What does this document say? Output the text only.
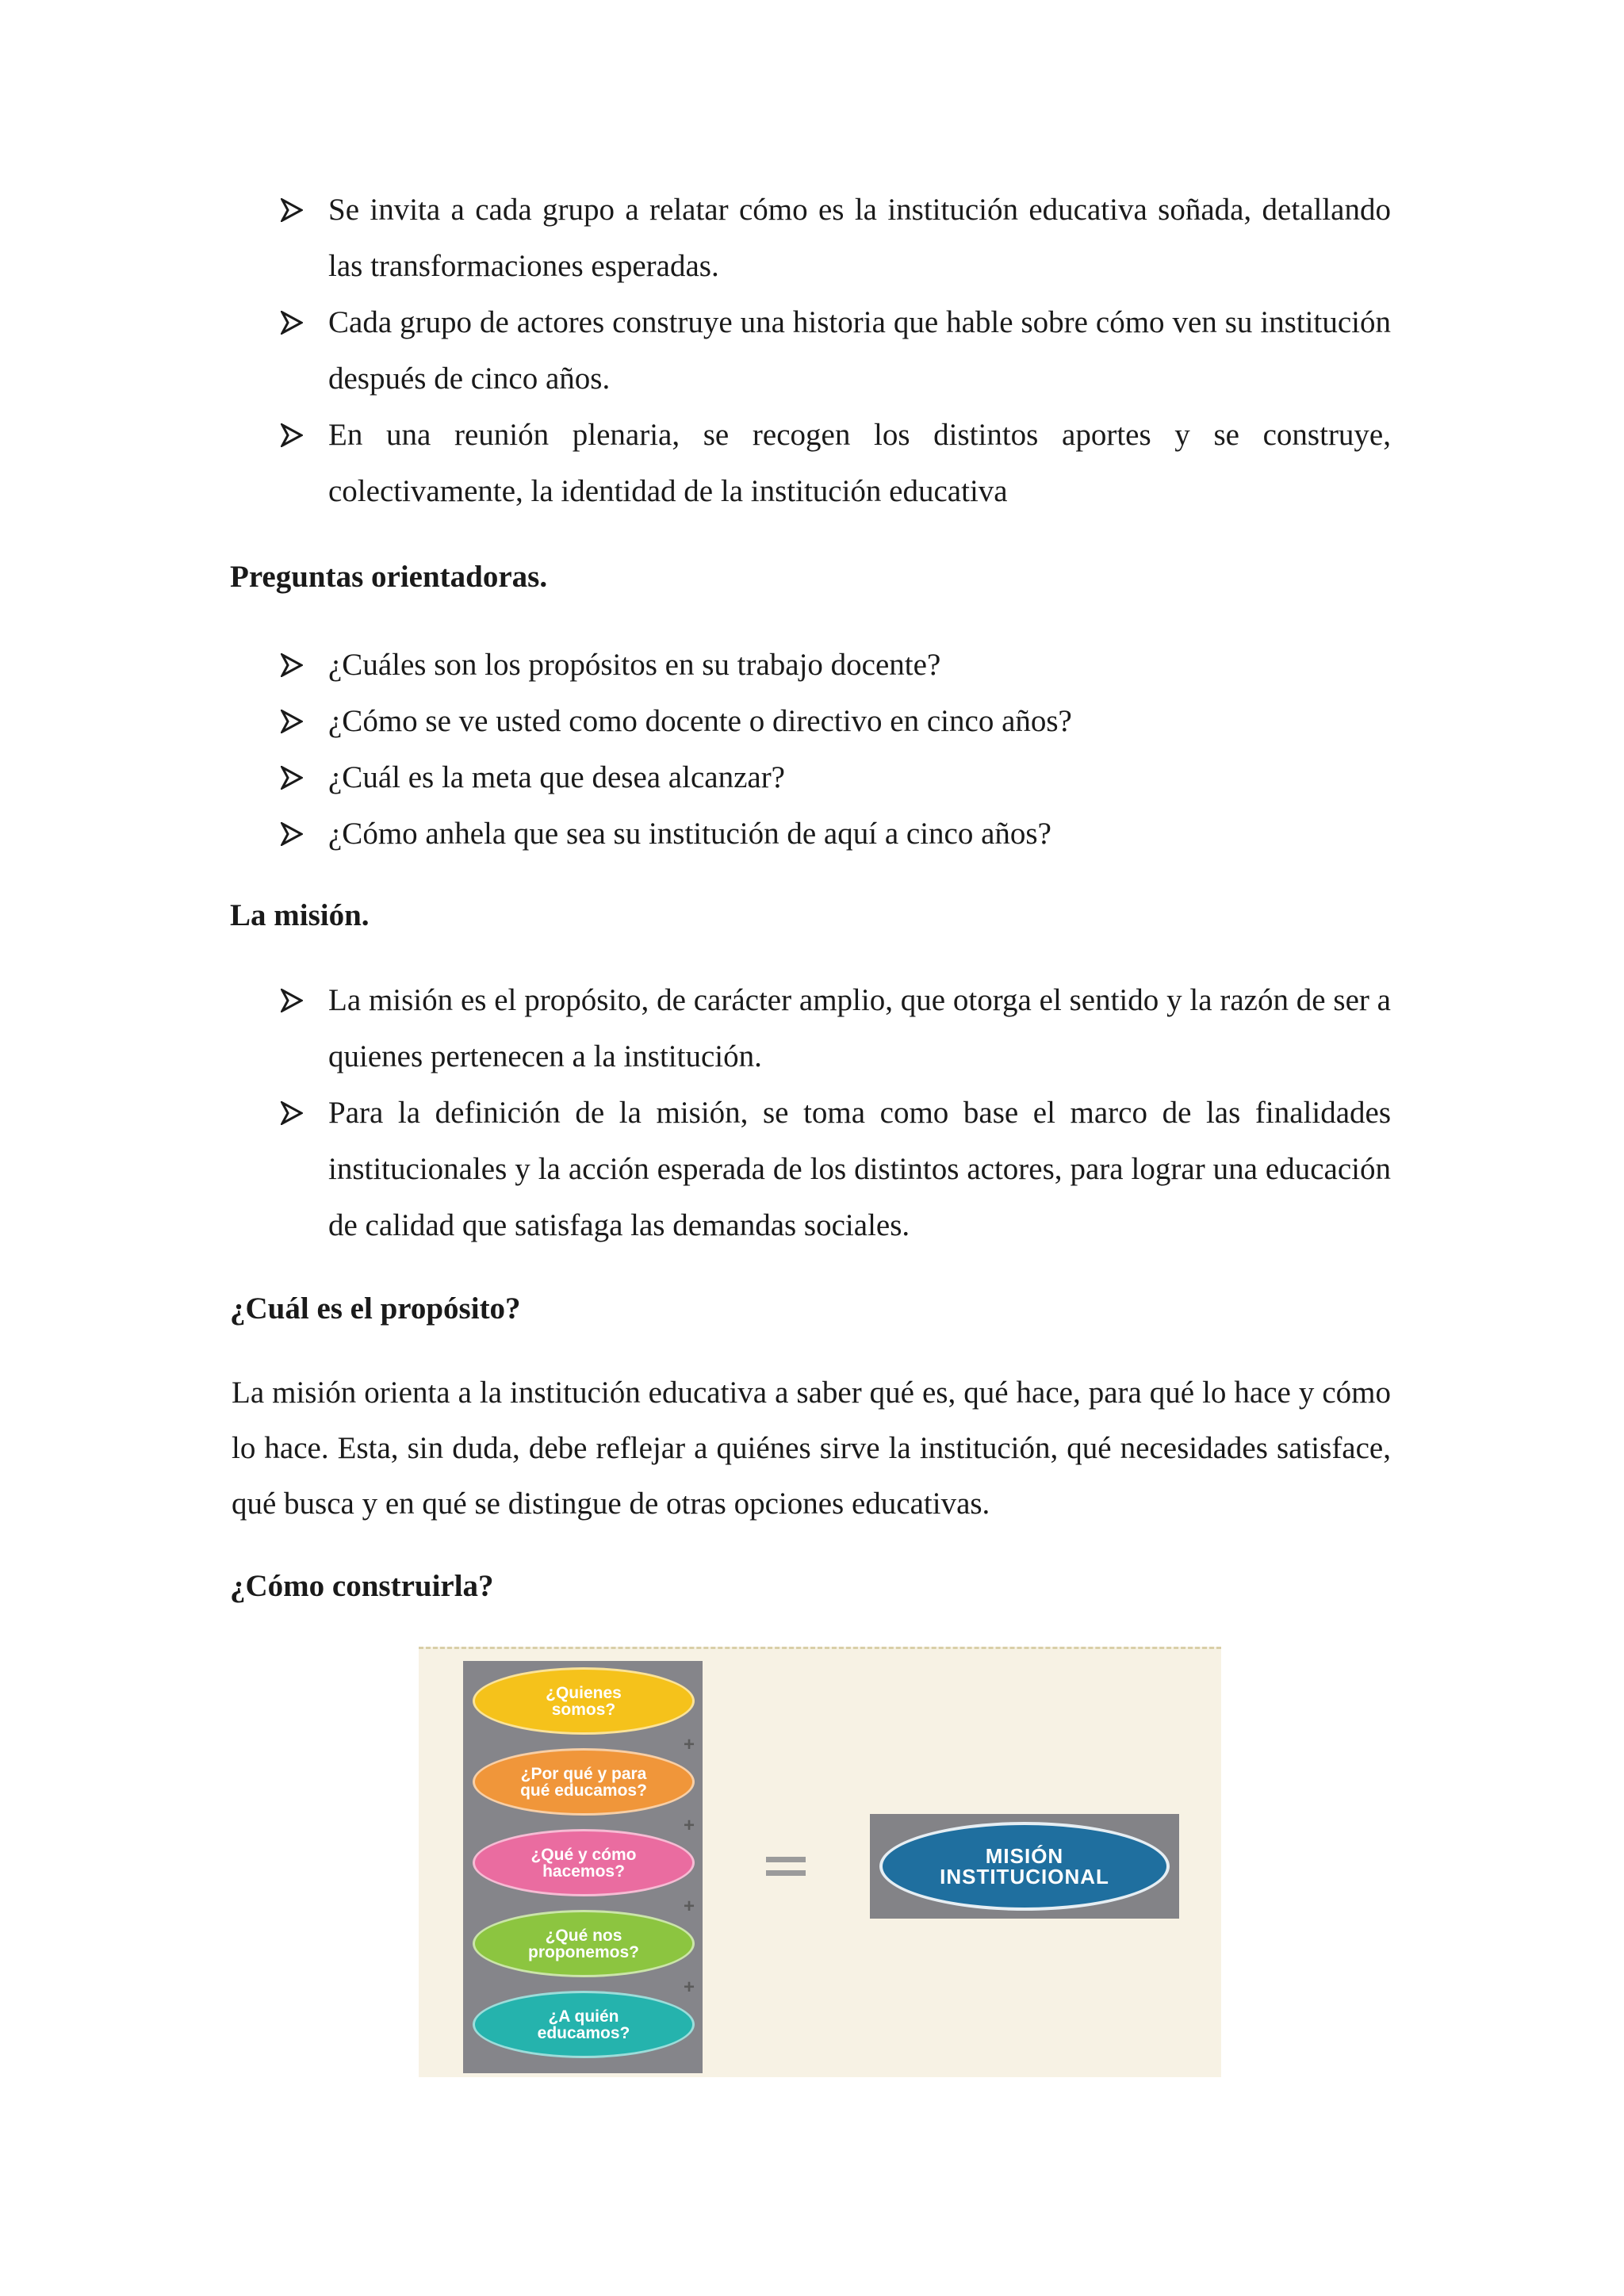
Se invita a cada grupo a relatar cómo es la institución educativa soñada, detallando las transformaciones esperadas.
Cada grupo de actores construye una historia que hable sobre cómo ven su institución después de cinco años.
En una reunión plenaria, se recogen los distintos aportes y se construye, colectivamente, la identidad de la institución educativa
Preguntas orientadoras.
¿Cuáles son los propósitos en su trabajo docente?
¿Cómo se ve usted como docente o directivo en cinco años?
¿Cuál es la meta que desea alcanzar?
¿Cómo anhela que sea su institución de aquí a cinco años?
La misión.
La misión es el propósito, de carácter amplio, que otorga el sentido y la razón de ser a quienes pertenecen a la institución.
Para la definición de la misión, se toma como base el marco de las finalidades institucionales y la acción esperada de los distintos actores, para lograr una educación de calidad que satisfaga las demandas sociales.
¿Cuál es el propósito?

La misión orienta a la institución educativa a saber qué es, qué hace, para qué lo hace y cómo lo hace. Esta, sin duda, debe reflejar a quiénes sirve la institución, qué necesidades satisface, qué busca y en qué se distingue de otras opciones educativas.

¿Cómo construirla?
¿Quienes somos?
+
¿Por qué y para qué educamos?
+
¿Qué y cómo hacemos?
+
¿Qué nos proponemos?
+
¿A quién educamos?
MISIÓN INSTITUCIONAL
